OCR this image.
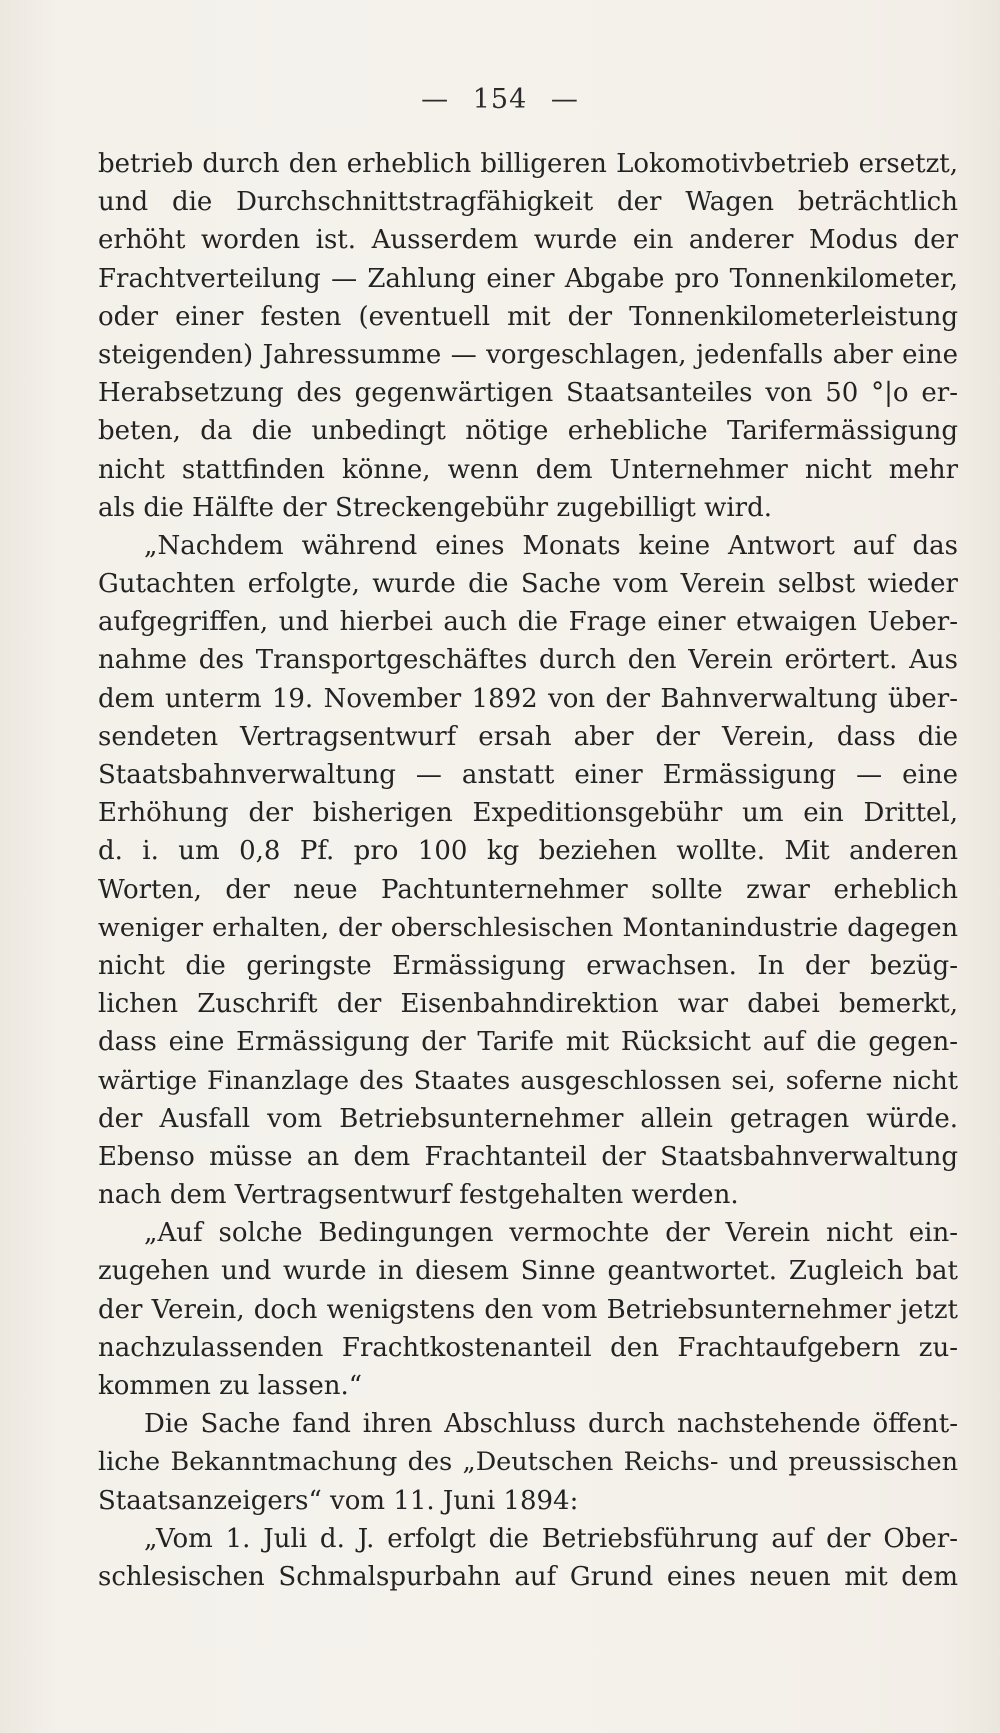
— 154 —
betrieb durch den erheblich billigeren Lokomotivbetrieb ersetzt,
und die Durchschnittstragfähigkeit der Wagen beträchtlich
erhöht worden ist. Ausserdem wurde ein anderer Modus der
Frachtverteilung — Zahlung einer Abgabe pro Tonnenkilometer,
oder einer festen (eventuell mit der Tonnenkilometerleistung
steigenden) Jahressumme — vorgeschlagen, jedenfalls aber eine
Herabsetzung des gegenwärtigen Staatsanteiles von 50 °|o er-
beten, da die unbedingt nötige erhebliche Tarifermässigung
nicht stattfinden könne, wenn dem Unternehmer nicht mehr
als die Hälfte der Streckengebühr zugebilligt wird.
„Nachdem während eines Monats keine Antwort auf das
Gutachten erfolgte, wurde die Sache vom Verein selbst wieder
aufgegriffen, und hierbei auch die Frage einer etwaigen Ueber-
nahme des Transportgeschäftes durch den Verein erörtert. Aus
dem unterm 19. November 1892 von der Bahnverwaltung über-
sendeten Vertragsentwurf ersah aber der Verein, dass die
Staatsbahnverwaltung — anstatt einer Ermässigung — eine
Erhöhung der bisherigen Expeditionsgebühr um ein Drittel,
d. i. um 0,8 Pf. pro 100 kg beziehen wollte. Mit anderen
Worten, der neue Pachtunternehmer sollte zwar erheblich
weniger erhalten, der oberschlesischen Montanindustrie dagegen
nicht die geringste Ermässigung erwachsen. In der bezüg-
lichen Zuschrift der Eisenbahndirektion war dabei bemerkt,
dass eine Ermässigung der Tarife mit Rücksicht auf die gegen-
wärtige Finanzlage des Staates ausgeschlossen sei, soferne nicht
der Ausfall vom Betriebsunternehmer allein getragen würde.
Ebenso müsse an dem Frachtanteil der Staatsbahnverwaltung
nach dem Vertragsentwurf festgehalten werden.
„Auf solche Bedingungen vermochte der Verein nicht ein-
zugehen und wurde in diesem Sinne geantwortet. Zugleich bat
der Verein, doch wenigstens den vom Betriebsunternehmer jetzt
nachzulassenden Frachtkostenanteil den Frachtaufgebern zu-
kommen zu lassen.“
Die Sache fand ihren Abschluss durch nachstehende öffent-
liche Bekanntmachung des „Deutschen Reichs- und preussischen
Staatsanzeigers“ vom 11. Juni 1894:
„Vom 1. Juli d. J. erfolgt die Betriebsführung auf der Ober-
schlesischen Schmalspurbahn auf Grund eines neuen mit dem
